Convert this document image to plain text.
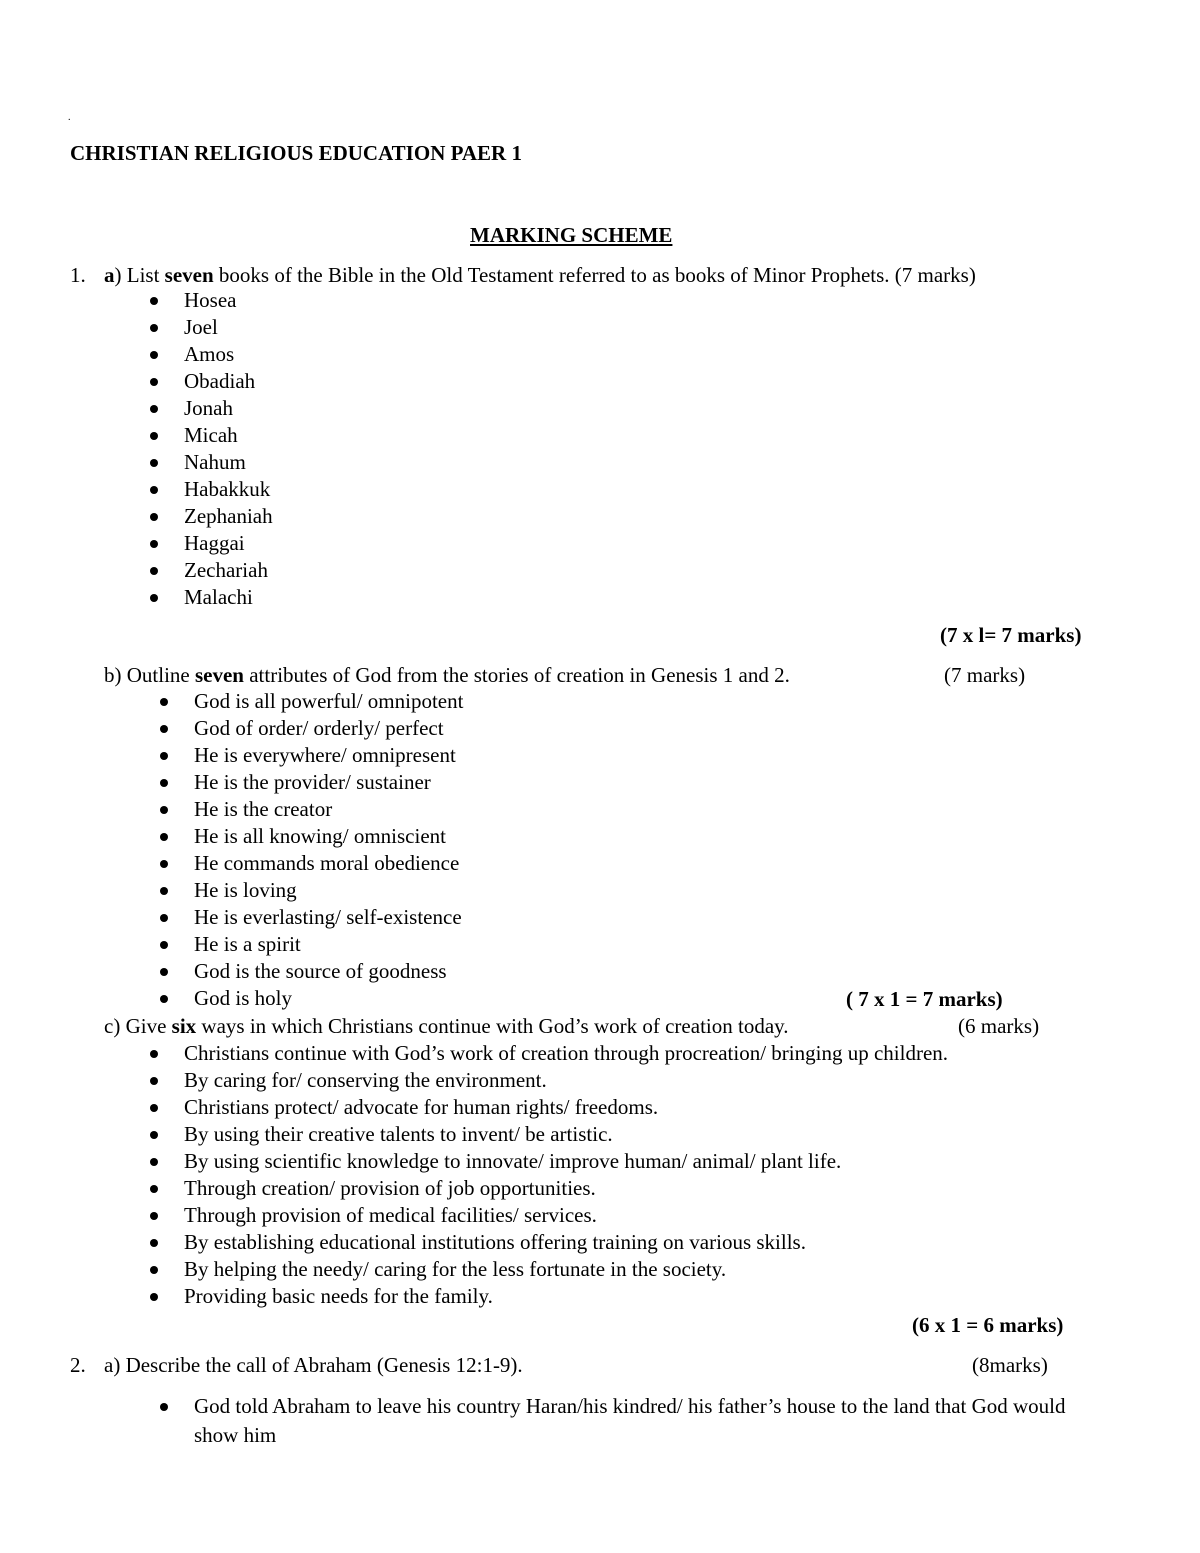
.
CHRISTIAN RELIGIOUS EDUCATION PAER 1
MARKING SCHEME
1. a) List seven books of the Bible in the Old Testament referred to as books of Minor Prophets. (7 marks)
Hosea
Joel
Amos
Obadiah
Jonah
Micah
Nahum
Habakkuk
Zephaniah
Haggai
Zechariah
Malachi
(7 x l= 7 marks)
b) Outline seven attributes of God from the stories of creation in Genesis 1 and 2.	(7 marks)
God is all powerful/ omnipotent
God of order/ orderly/ perfect
He is everywhere/ omnipresent
He is the provider/ sustainer
He is the creator
He is all knowing/ omniscient
He commands moral obedience
He is loving
He is everlasting/ self-existence
He is a spirit
God is the source of goodness
God is holy	( 7 x 1 = 7 marks)
c) Give six ways in which Christians continue with God’s work of creation today.	(6 marks)
Christians continue with God’s work of creation through procreation/ bringing up children.
By caring for/ conserving the environment.
Christians protect/ advocate for human rights/ freedoms.
By using their creative talents to invent/ be artistic.
By using scientific knowledge to innovate/ improve human/ animal/ plant life.
Through creation/ provision of job opportunities.
Through provision of medical facilities/ services.
By establishing educational institutions offering training on various skills.
By helping the needy/ caring for the less fortunate in the society.
Providing basic needs for the family.
(6 x 1 = 6 marks)
2. a) Describe the call of Abraham (Genesis 12:1-9).	(8marks)
God told Abraham to leave his country Haran/his kindred/ his father’s house to the land that God would show him
